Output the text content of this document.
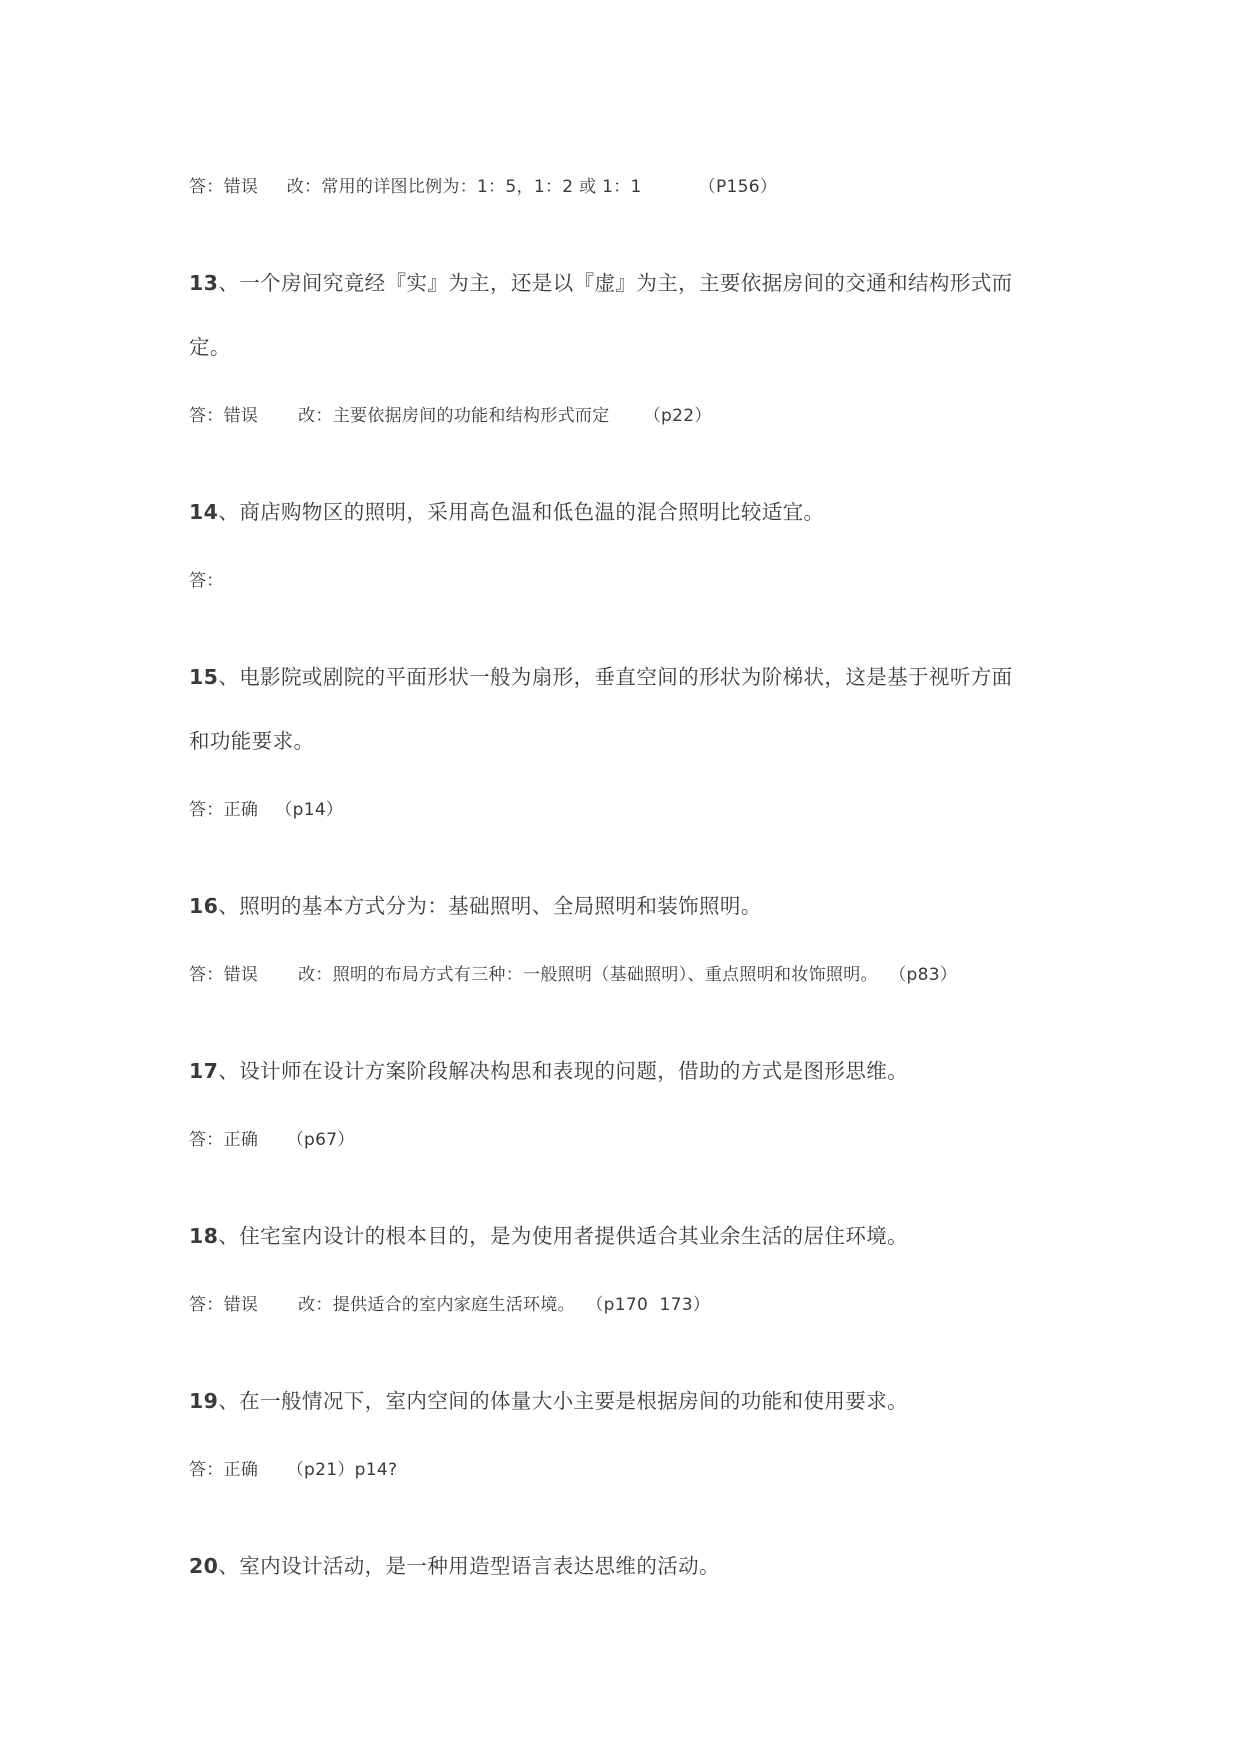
答：错误     改：常用的详图比例为：1：5，1：2 或 1：1          （P156）

13、一个房间究竟经『实』为主，还是以『虚』为主，主要依据房间的交通和结构形式而

定。

答：错误       改：主要依据房间的功能和结构形式而定      （p22）

14、商店购物区的照明，采用高色温和低色温的混合照明比较适宜。

答：

15、电影院或剧院的平面形状一般为扇形，垂直空间的形状为阶梯状，这是基于视听方面

和功能要求。

答：正确   （p14）

16、照明的基本方式分为：基础照明、全局照明和装饰照明。

答：错误       改：照明的布局方式有三种：一般照明（基础照明）、重点照明和妆饰照明。  （p83）

17、设计师在设计方案阶段解决构思和表现的问题，借助的方式是图形思维。

答：正确     （p67）

18、住宅室内设计的根本目的，是为使用者提供适合其业余生活的居住环境。

答：错误       改：提供适合的室内家庭生活环境。  （p170  173）

19、在一般情况下，室内空间的体量大小主要是根据房间的功能和使用要求。

答：正确     （p21）p14?

20、室内设计活动，是一种用造型语言表达思维的活动。
